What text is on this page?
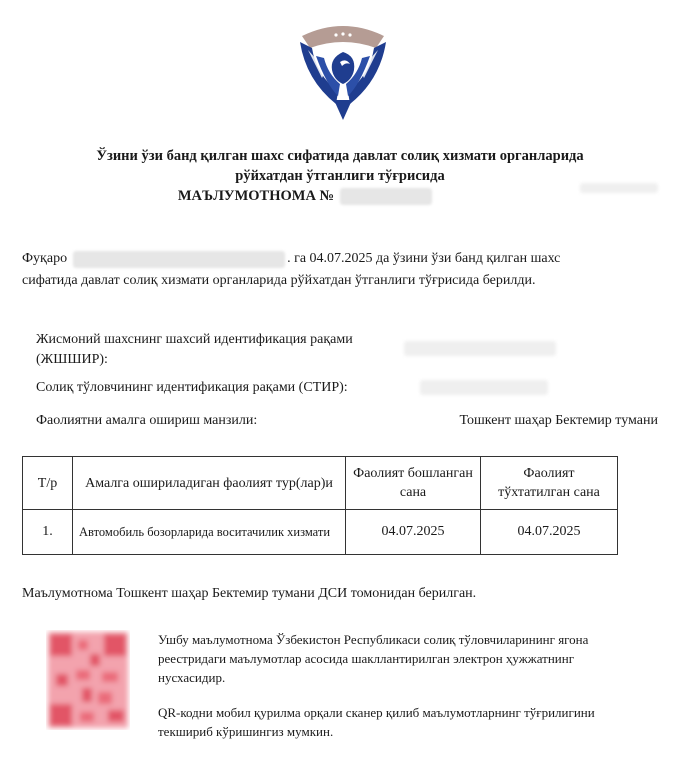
Ўзини ўзи банд қилган шахс сифатида давлат солиқ хизмати органларида
рўйхатдан ўтганлиги тўғрисида
МАЪЛУМОТНОМА №
Фуқаро	. га 04.07.2025 да ўзини ўзи банд қилган шахс
сифатида давлат солиқ хизмати органларида рўйхатдан ўтганлиги тўғрисида берилди.
Жисмоний шахснинг шахсий идентификация рақами (ЖШШИР):
Солиқ тўловчининг идентификация рақами (СТИР):
Фаолиятни амалга ошириш манзили:	Тошкент шаҳар Бектемир тумани
Т/р	Амалга ошириладиган фаолият тур(лар)и	Фаолият бошланган сана	Фаолият тўхтатилган сана
1.	Автомобиль бозорларида воситачилик хизмати	04.07.2025	04.07.2025
Маълумотнома Тошкент шаҳар Бектемир тумани ДСИ томонидан берилган.
Ушбу маълумотнома Ўзбекистон Республикаси солиқ тўловчиларининг ягона
реестридаги маълумотлар асосида шакллантирилган электрон ҳужжатнинг
нусхасидир.
QR-кодни мобил қурилма орқали сканер қилиб маълумотларнинг тўғрилигини
текшириб кўришингиз мумкин.
